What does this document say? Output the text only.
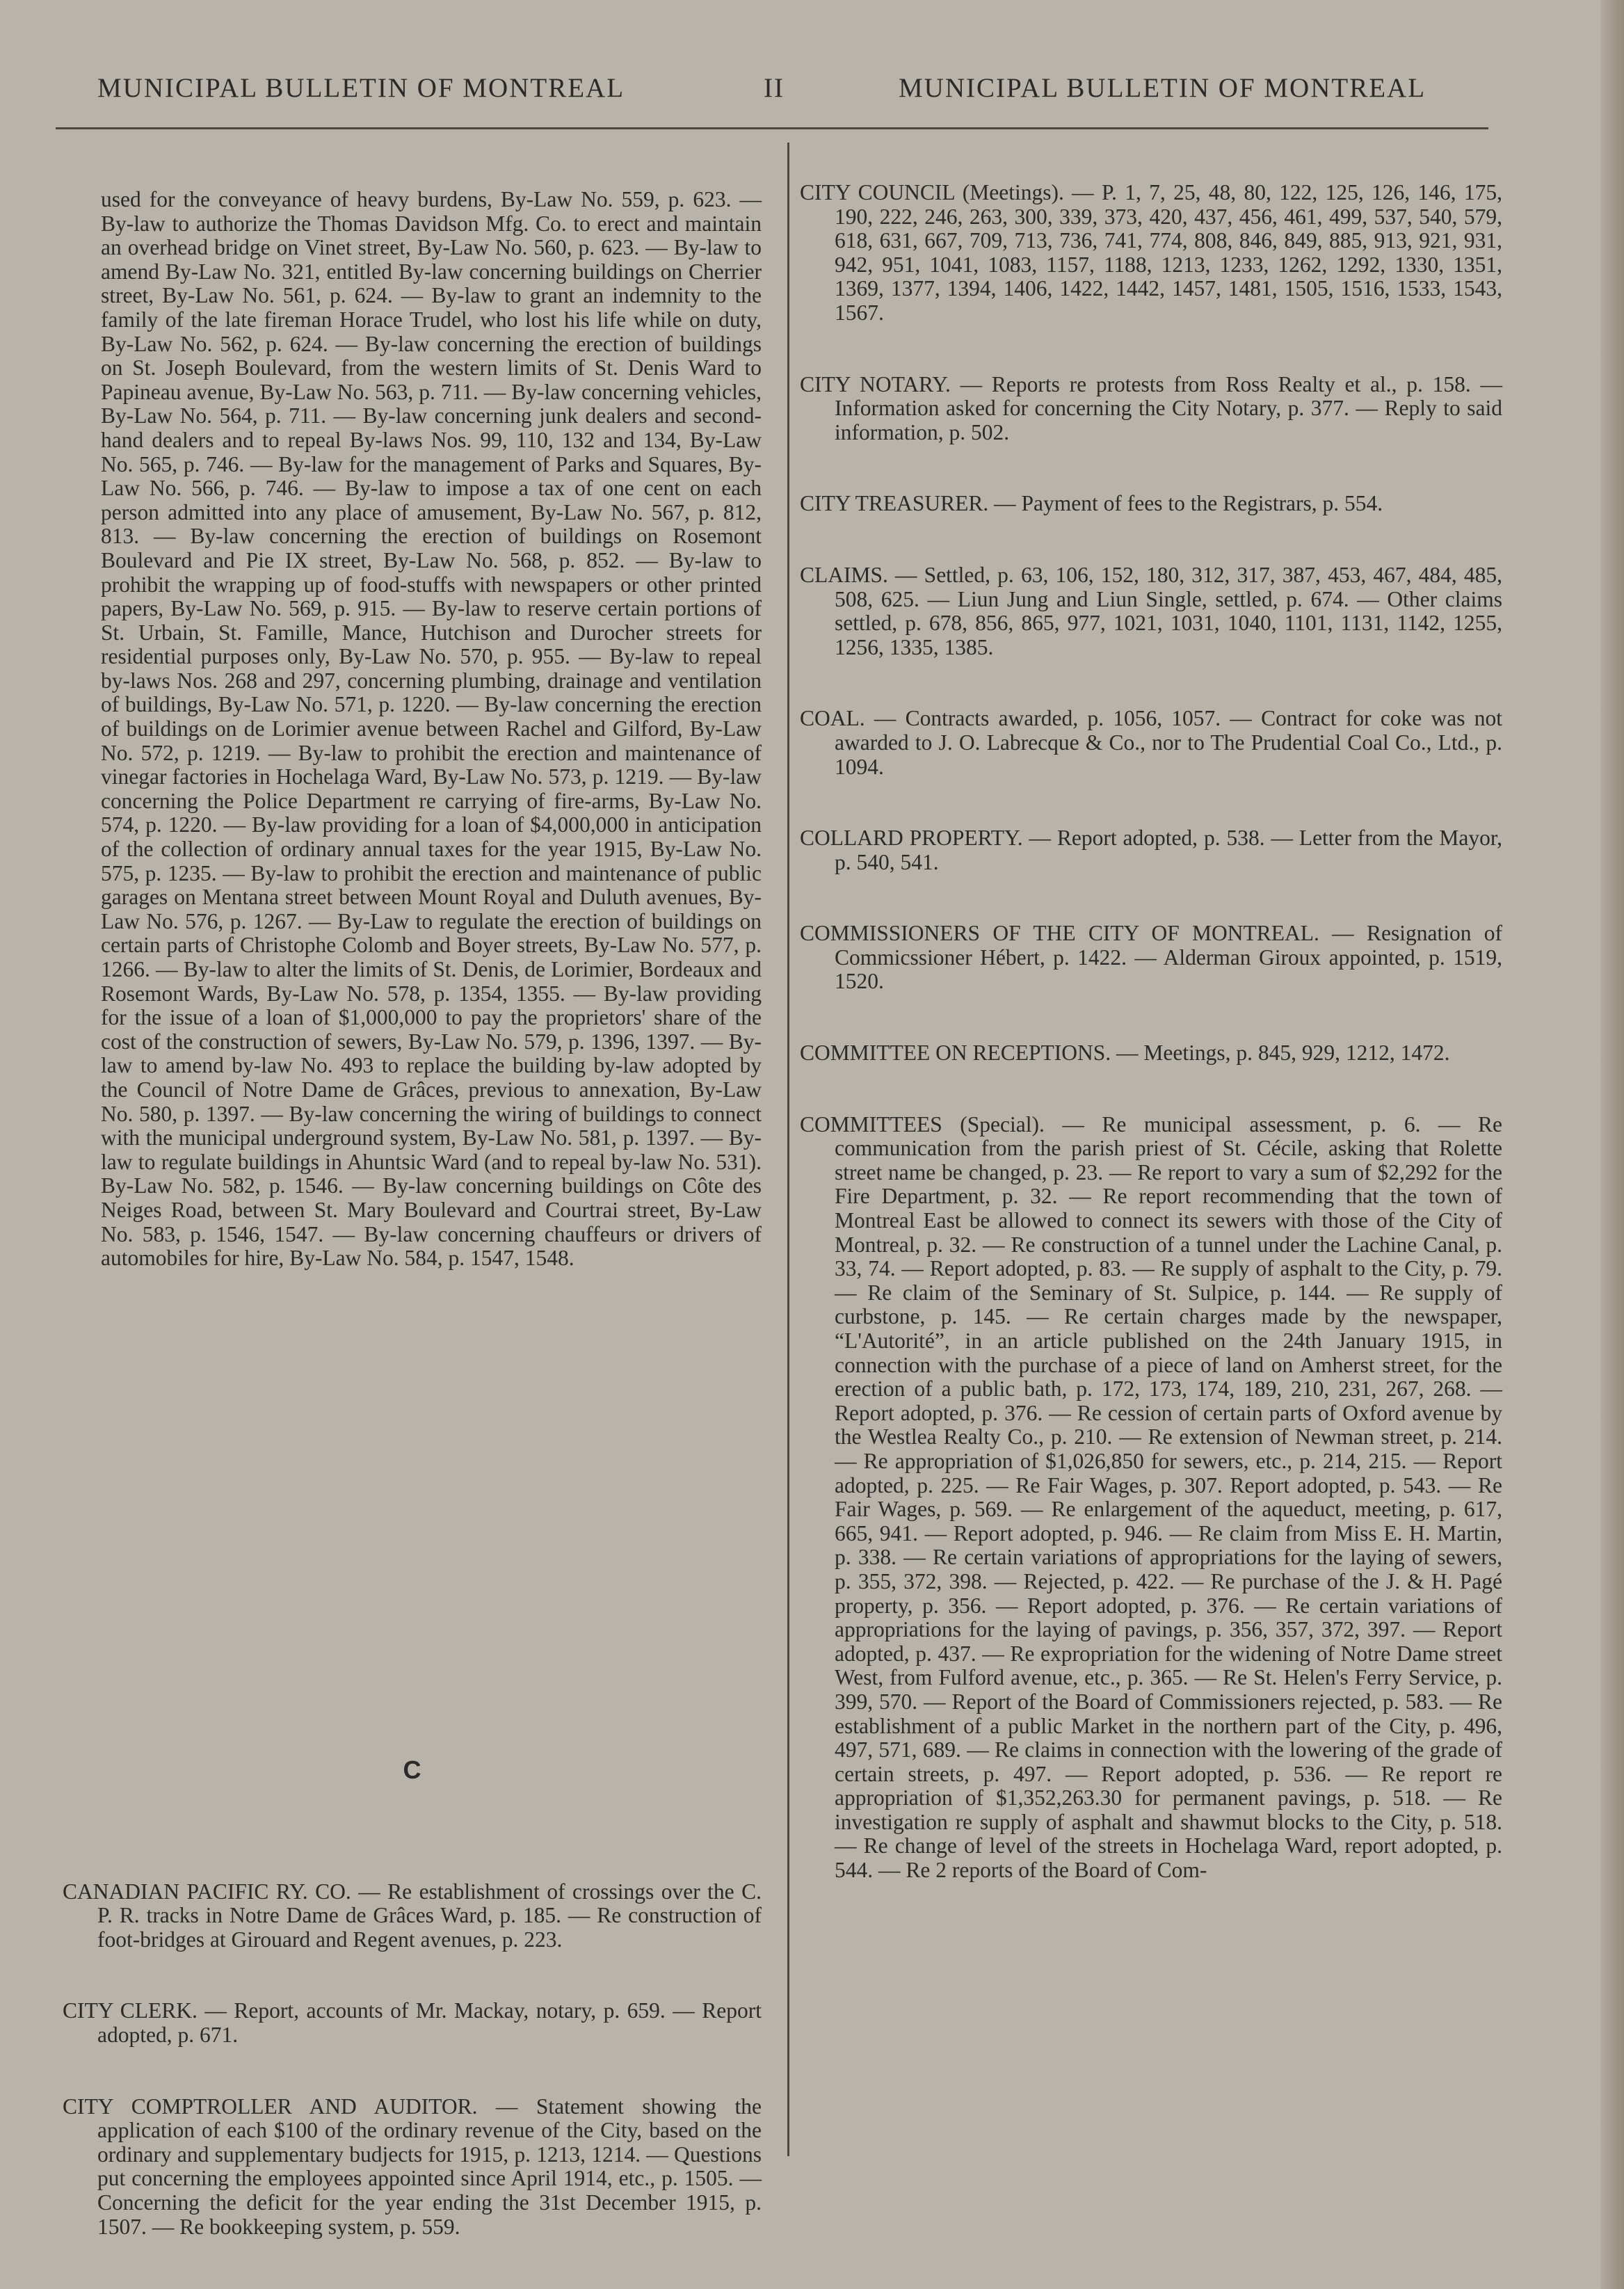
MUNICIPAL BULLETIN OF MONTREAL	II	MUNICIPAL BULLETIN OF MONTREAL

used for the conveyance of heavy burdens, By-Law No. 559, p. 623. — By-law to authorize the Thomas Davidson Mfg. Co. to erect and maintain an overhead bridge on Vinet street, By-Law No. 560, p. 623. — By-law to amend By-Law No. 321, entitled By-law concerning buildings on Cherrier street, By-Law No. 561, p. 624. — By-law to grant an indemnity to the family of the late fireman Horace Trudel, who lost his life while on duty, By-Law No. 562, p. 624. — By-law concerning the erection of buildings on St. Joseph Boulevard, from the western limits of St. Denis Ward to Papineau avenue, By-Law No. 563, p. 711. — By-law concerning vehicles, By-Law No. 564, p. 711. — By-law concerning junk dealers and second-hand dealers and to repeal By-laws Nos. 99, 110, 132 and 134, By-Law No. 565, p. 746. — By-law for the management of Parks and Squares, By-Law No. 566, p. 746. — By-law to impose a tax of one cent on each person admitted into any place of amusement, By-Law No. 567, p. 812, 813. — By-law concerning the erection of buildings on Rosemont Boulevard and Pie IX street, By-Law No. 568, p. 852. — By-law to prohibit the wrapping up of food-stuffs with newspapers or other printed papers, By-Law No. 569, p. 915. — By-law to reserve certain portions of St. Urbain, St. Famille, Mance, Hutchison and Durocher streets for residential purposes only, By-Law No. 570, p. 955. — By-law to repeal by-laws Nos. 268 and 297, concerning plumbing, drainage and ventilation of buildings, By-Law No. 571, p. 1220. — By-law concerning the erection of buildings on de Lorimier avenue between Rachel and Gilford, By-Law No. 572, p. 1219. — By-law to prohibit the erection and maintenance of vinegar factories in Hochelaga Ward, By-Law No. 573, p. 1219. — By-law concerning the Police Department re carrying of fire-arms, By-Law No. 574, p. 1220. — By-law providing for a loan of $4,000,000 in anticipation of the collection of ordinary annual taxes for the year 1915, By-Law No. 575, p. 1235. — By-law to prohibit the erection and maintenance of public garages on Mentana street between Mount Royal and Duluth avenues, By-Law No. 576, p. 1267. — By-Law to regulate the erection of buildings on certain parts of Christophe Colomb and Boyer streets, By-Law No. 577, p. 1266. — By-law to alter the limits of St. Denis, de Lorimier, Bordeaux and Rosemont Wards, By-Law No. 578, p. 1354, 1355. — By-law providing for the issue of a loan of $1,000,000 to pay the proprietors' share of the cost of the construction of sewers, By-Law No. 579, p. 1396, 1397. — By-law to amend by-law No. 493 to replace the building by-law adopted by the Council of Notre Dame de Grâces, previous to annexation, By-Law No. 580, p. 1397. — By-law concerning the wiring of buildings to connect with the municipal underground system, By-Law No. 581, p. 1397. — By-law to regulate buildings in Ahuntsic Ward (and to repeal by-law No. 531). By-Law No. 582, p. 1546. — By-law concerning buildings on Côte des Neiges Road, between St. Mary Boulevard and Courtrai street, By-Law No. 583, p. 1546, 1547. — By-law concerning chauffeurs or drivers of automobiles for hire, By-Law No. 584, p. 1547, 1548.

C

CANADIAN PACIFIC RY. CO. — Re establishment of crossings over the C. P. R. tracks in Notre Dame de Grâces Ward, p. 185. — Re construction of foot-bridges at Girouard and Regent avenues, p. 223.

CITY CLERK. — Report, accounts of Mr. Mackay, notary, p. 659. — Report adopted, p. 671.

CITY COMPTROLLER AND AUDITOR. — Statement showing the application of each $100 of the ordinary revenue of the City, based on the ordinary and supplementary budjects for 1915, p. 1213, 1214. — Questions put concerning the employees appointed since April 1914, etc., p. 1505. — Concerning the deficit for the year ending the 31st December 1915, p. 1507. — Re bookkeeping system, p. 559.

CITY COUNCIL (Meetings). — P. 1, 7, 25, 48, 80, 122, 125, 126, 146, 175, 190, 222, 246, 263, 300, 339, 373, 420, 437, 456, 461, 499, 537, 540, 579, 618, 631, 667, 709, 713, 736, 741, 774, 808, 846, 849, 885, 913, 921, 931, 942, 951, 1041, 1083, 1157, 1188, 1213, 1233, 1262, 1292, 1330, 1351, 1369, 1377, 1394, 1406, 1422, 1442, 1457, 1481, 1505, 1516, 1533, 1543, 1567.

CITY NOTARY. — Reports re protests from Ross Realty et al., p. 158. — Information asked for concerning the City Notary, p. 377. — Reply to said information, p. 502.

CITY TREASURER. — Payment of fees to the Registrars, p. 554.

CLAIMS. — Settled, p. 63, 106, 152, 180, 312, 317, 387, 453, 467, 484, 485, 508, 625. — Liun Jung and Liun Single, settled, p. 674. — Other claims settled, p. 678, 856, 865, 977, 1021, 1031, 1040, 1101, 1131, 1142, 1255, 1256, 1335, 1385.

COAL. — Contracts awarded, p. 1056, 1057. — Contract for coke was not awarded to J. O. Labrecque & Co., nor to The Prudential Coal Co., Ltd., p. 1094.

COLLARD PROPERTY. — Report adopted, p. 538. — Letter from the Mayor, p. 540, 541.

COMMISSIONERS OF THE CITY OF MONTREAL. — Resignation of Commicssioner Hébert, p. 1422. — Alderman Giroux appointed, p. 1519, 1520.

COMMITTEE ON RECEPTIONS. — Meetings, p. 845, 929, 1212, 1472.

COMMITTEES (Special). — Re municipal assessment, p. 6. — Re communication from the parish priest of St. Cécile, asking that Rolette street name be changed, p. 23. — Re report to vary a sum of $2,292 for the Fire Department, p. 32. — Re report recommending that the town of Montreal East be allowed to connect its sewers with those of the City of Montreal, p. 32. — Re construction of a tunnel under the Lachine Canal, p. 33, 74. — Report adopted, p. 83. — Re supply of asphalt to the City, p. 79. — Re claim of the Seminary of St. Sulpice, p. 144. — Re supply of curbstone, p. 145. — Re certain charges made by the newspaper, “L'Autorité”, in an article published on the 24th January 1915, in connection with the purchase of a piece of land on Amherst street, for the erection of a public bath, p. 172, 173, 174, 189, 210, 231, 267, 268. — Report adopted, p. 376. — Re cession of certain parts of Oxford avenue by the Westlea Realty Co., p. 210. — Re extension of Newman street, p. 214. — Re appropriation of $1,026,850 for sewers, etc., p. 214, 215. — Report adopted, p. 225. — Re Fair Wages, p. 307. Report adopted, p. 543. — Re Fair Wages, p. 569. — Re enlargement of the aqueduct, meeting, p. 617, 665, 941. — Report adopted, p. 946. — Re claim from Miss E. H. Martin, p. 338. — Re certain variations of appropriations for the laying of sewers, p. 355, 372, 398. — Rejected, p. 422. — Re purchase of the J. & H. Pagé property, p. 356. — Report adopted, p. 376. — Re certain variations of appropriations for the laying of pavings, p. 356, 357, 372, 397. — Report adopted, p. 437. — Re expropriation for the widening of Notre Dame street West, from Fulford avenue, etc., p. 365. — Re St. Helen's Ferry Service, p. 399, 570. — Report of the Board of Commissioners rejected, p. 583. — Re establishment of a public Market in the northern part of the City, p. 496, 497, 571, 689. — Re claims in connection with the lowering of the grade of certain streets, p. 497. — Report adopted, p. 536. — Re report re appropriation of $1,352,263.30 for permanent pavings, p. 518. — Re investigation re supply of asphalt and shawmut blocks to the City, p. 518. — Re change of level of the streets in Hochelaga Ward, report adopted, p. 544. — Re 2 reports of the Board of Com-
